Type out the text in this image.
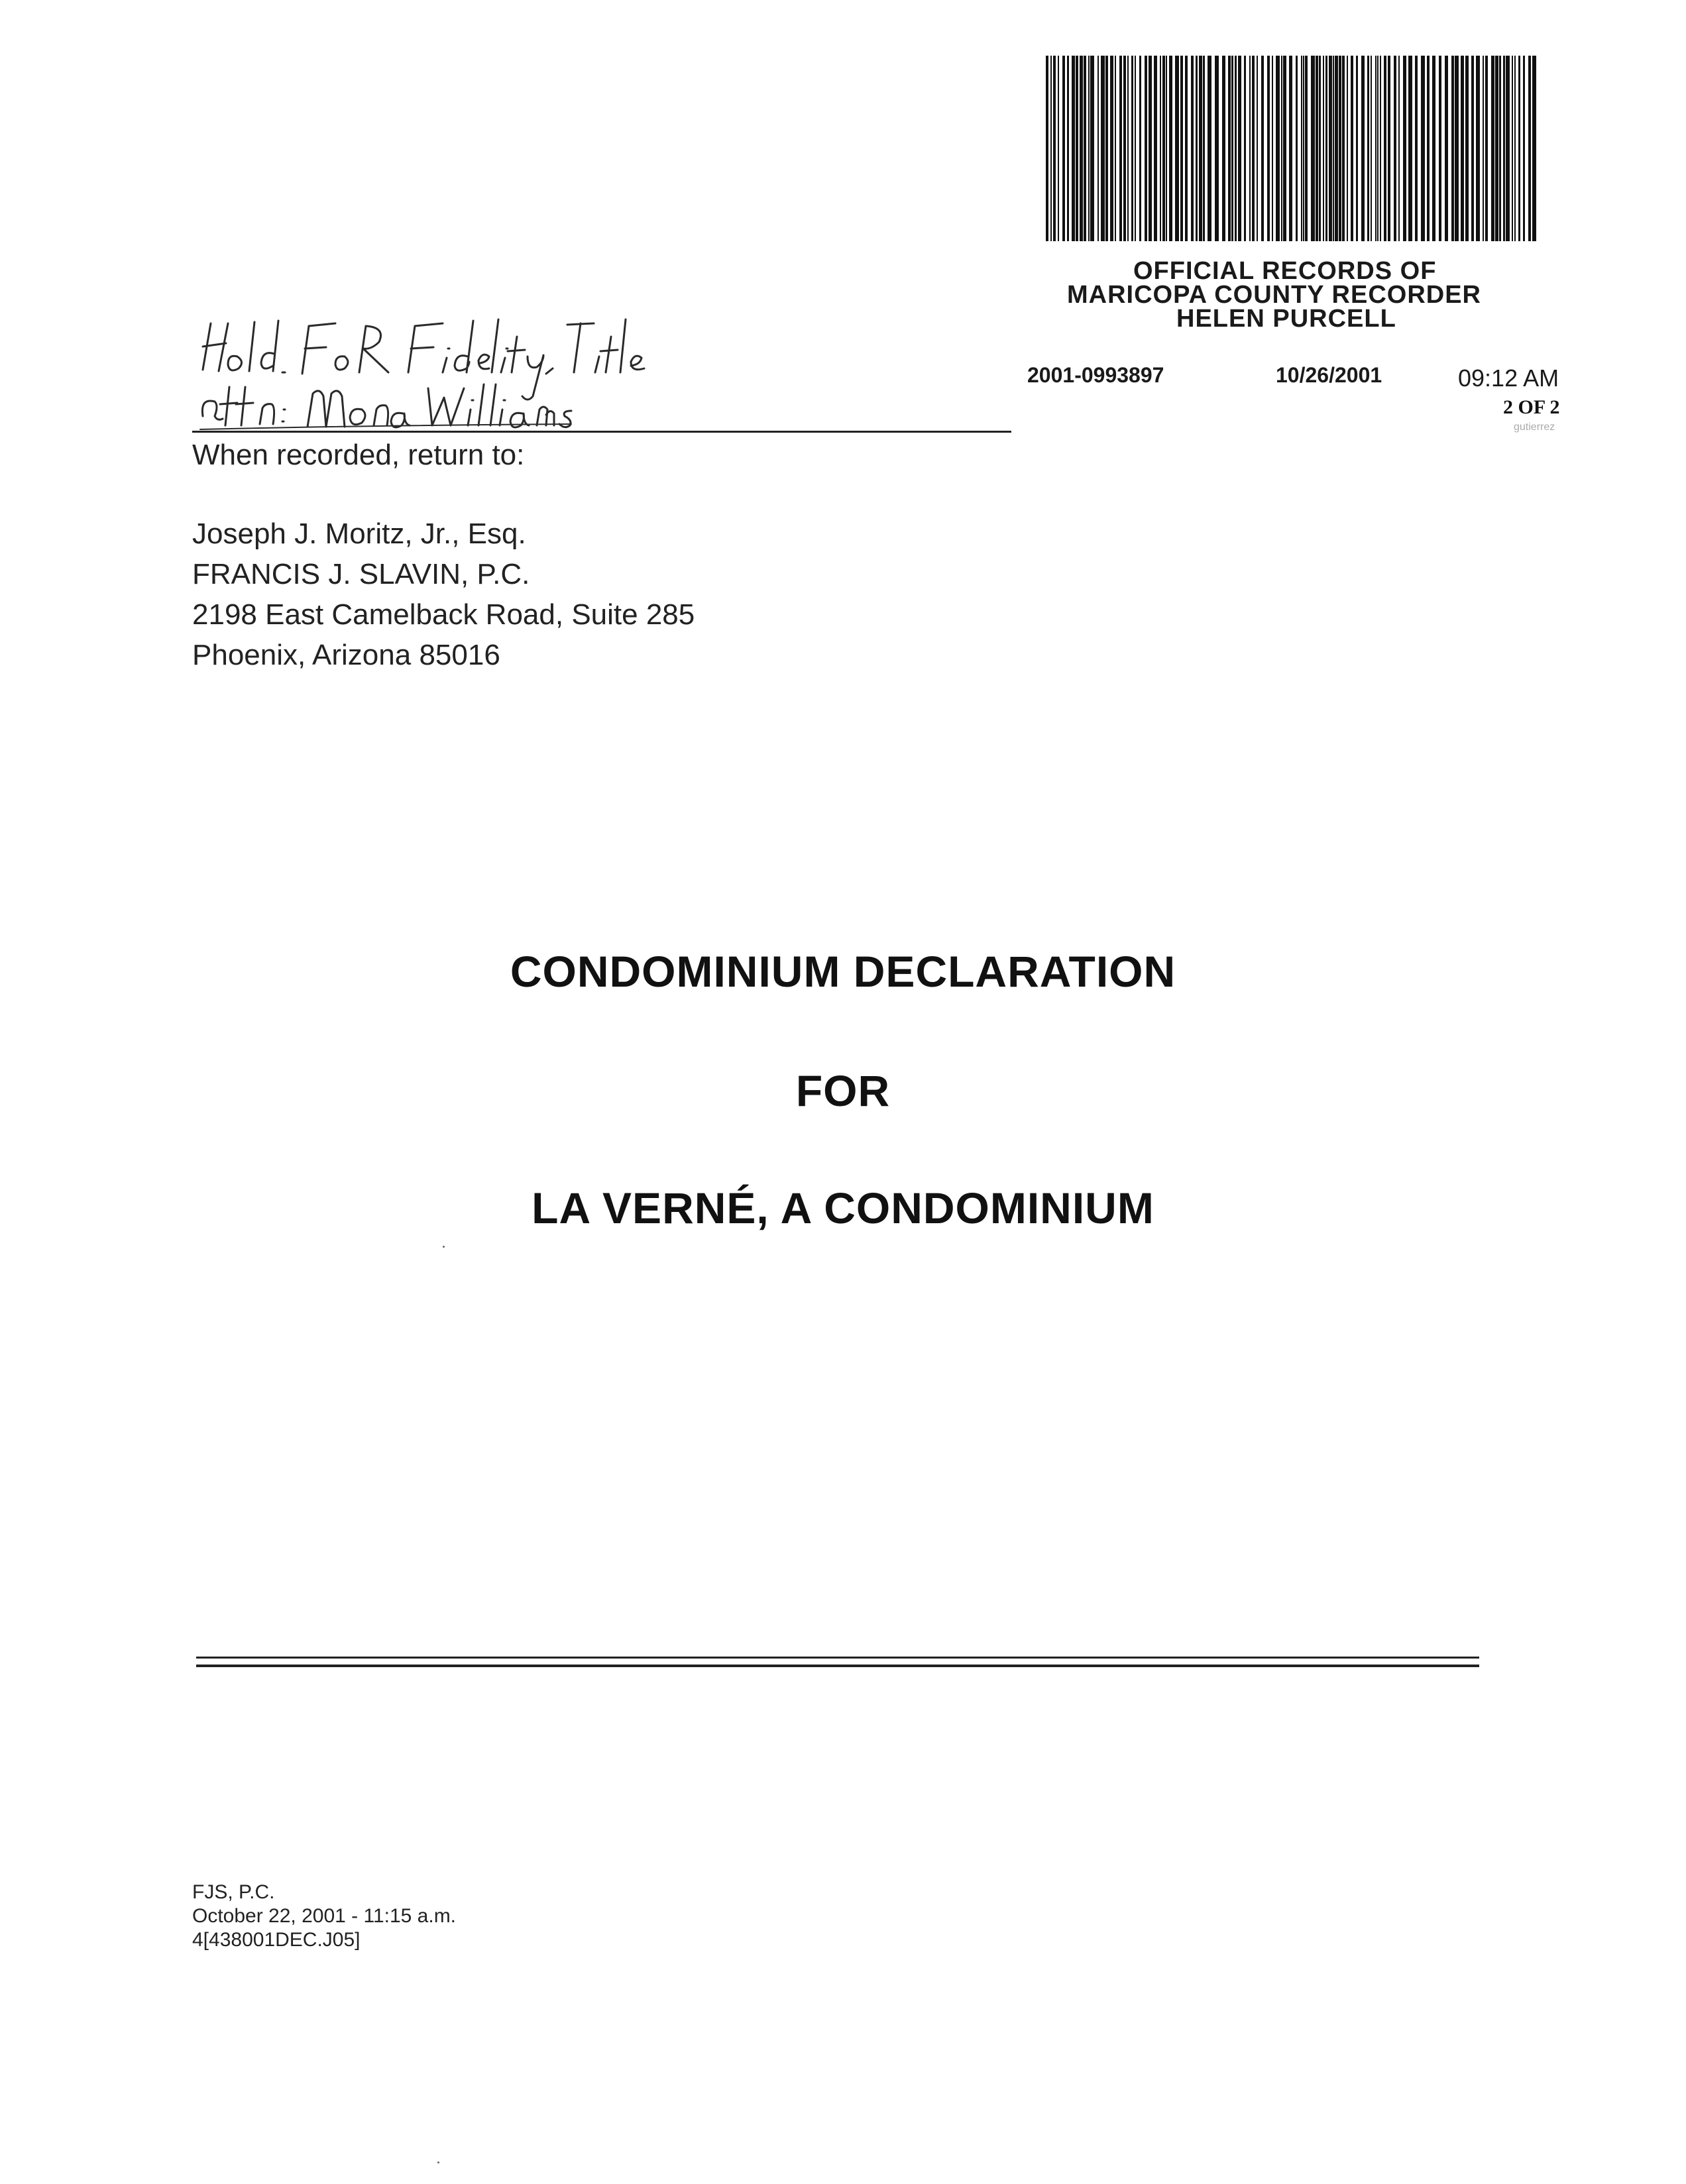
OFFICIAL RECORDS OF
MARICOPA COUNTY RECORDER
HELEN PURCELL
2001-0993897	10/26/2001	09:12 AM
2 OF 2
gutierrez
When recorded, return to:
Joseph J. Moritz, Jr., Esq.
FRANCIS J. SLAVIN, P.C.
2198 East Camelback Road, Suite 285
Phoenix, Arizona 85016
CONDOMINIUM DECLARATION
FOR
LA VERNÉ, A CONDOMINIUM
FJS, P.C.
October 22, 2001 - 11:15 a.m.
4[438001DEC.J05]
